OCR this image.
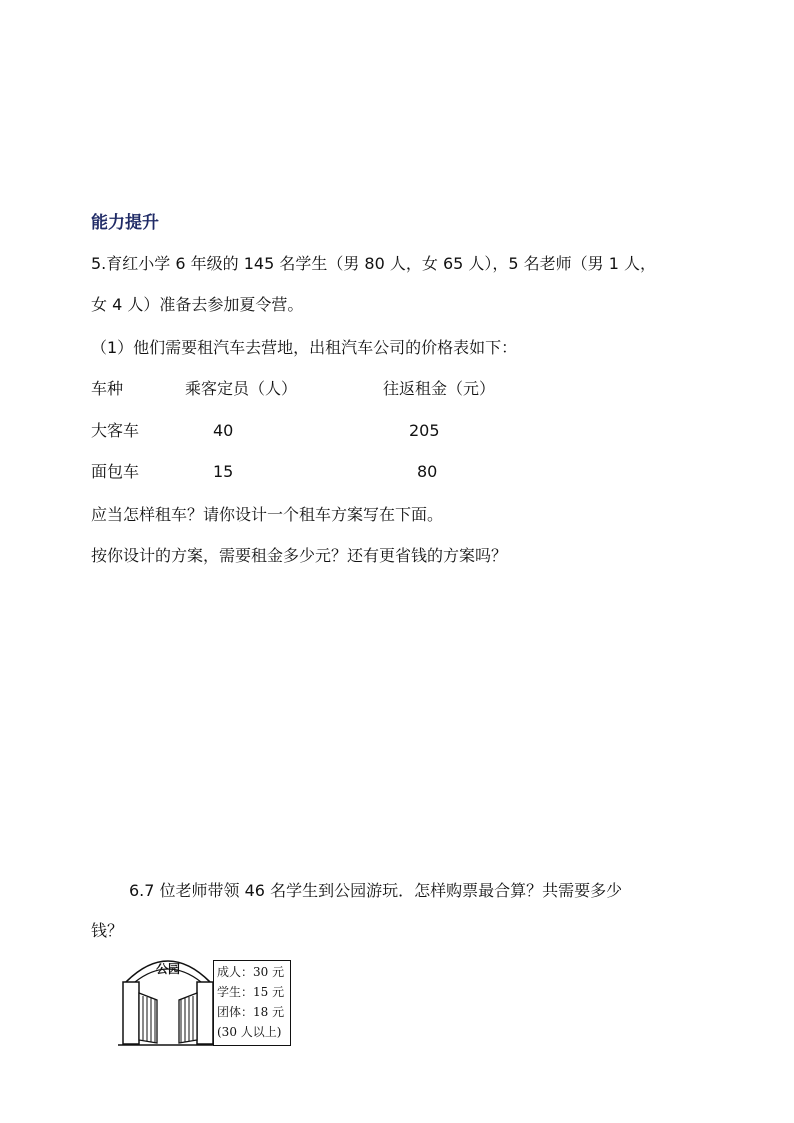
能力提升
5.育红小学 6 年级的 145 名学生（男 80 人，女 65 人），5 名老师（男 1 人，
女 4 人）准备去参加夏令营。
（1）他们需要租汽车去营地，出租汽车公司的价格表如下：
车种	乘客定员（人）	往返租金（元）
大客车	40	205
面包车	15	80
应当怎样租车？请你设计一个租车方案写在下面。
按你设计的方案，需要租金多少元？还有更省钱的方案吗？
6.7 位老师带领 46 名学生到公园游玩．怎样购票最合算？共需要多少
钱？
公园	成人：30 元
学生：15 元
团体：18 元
(30 人以上)
